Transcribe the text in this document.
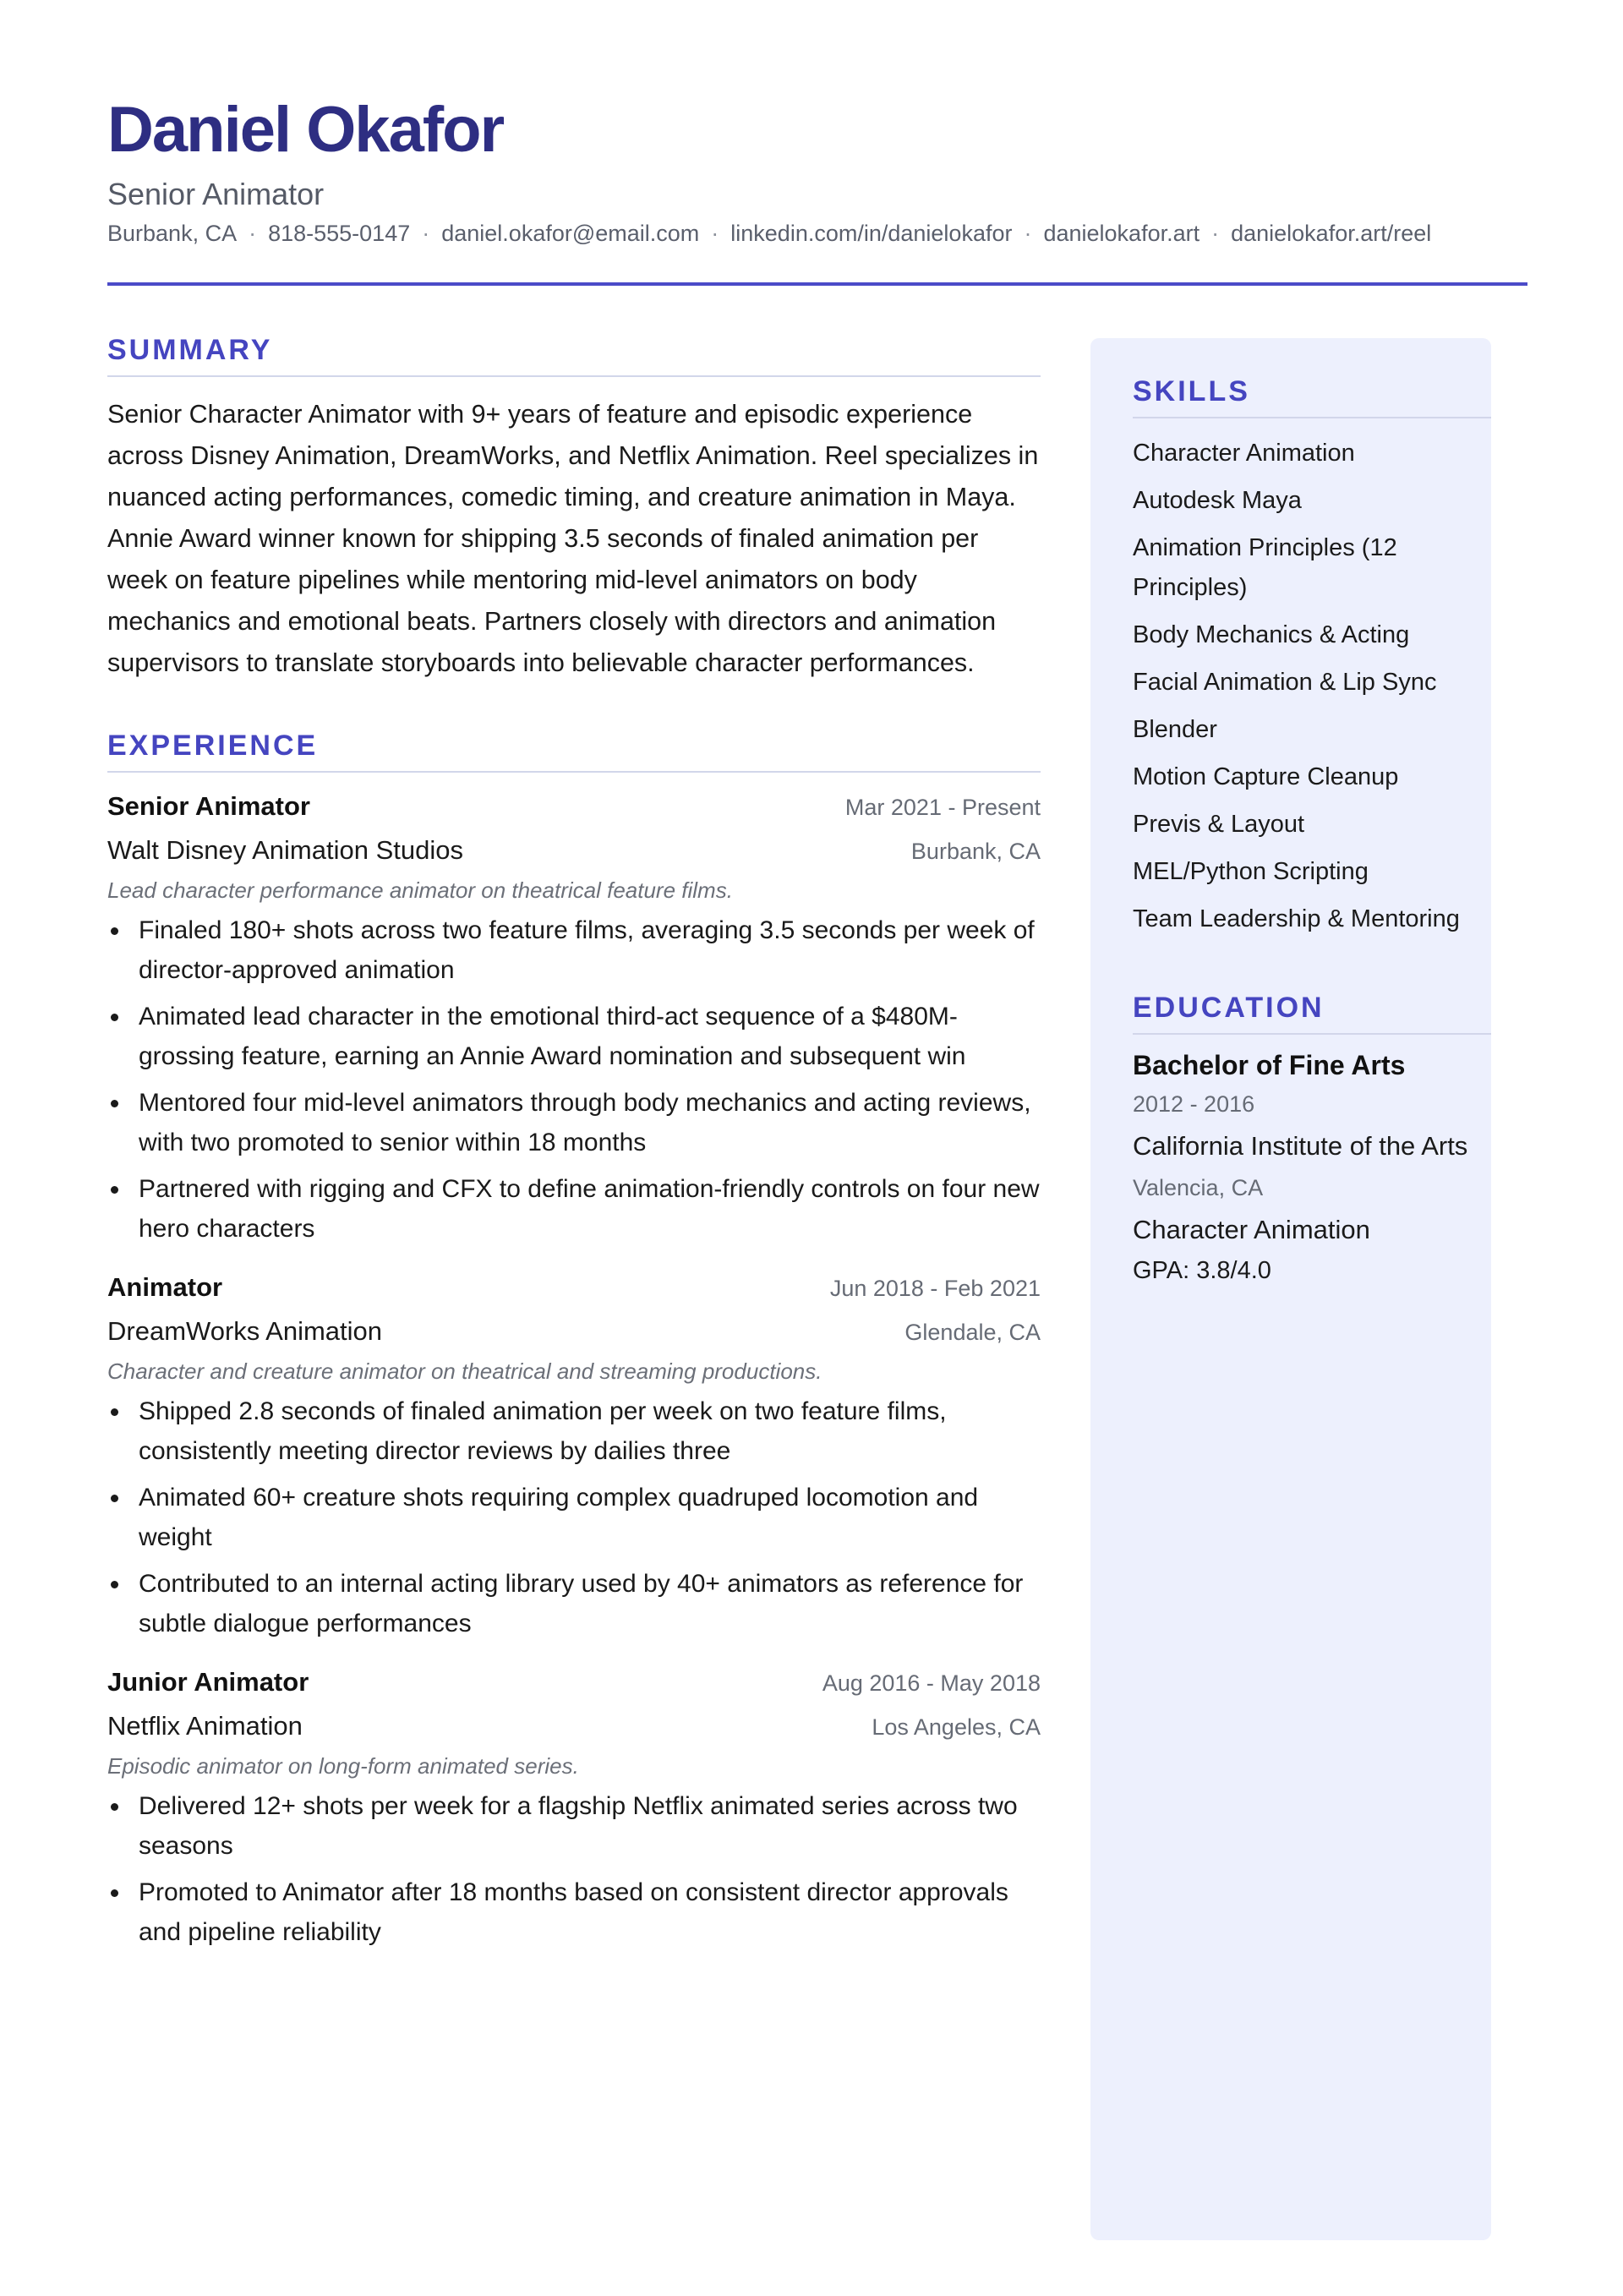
Daniel Okafor
Senior Animator
Burbank, CA · 818-555-0147 · daniel.okafor@email.com · linkedin.com/in/danielokafor · danielokafor.art · danielokafor.art/reel
SUMMARY
Senior Character Animator with 9+ years of feature and episodic experience across Disney Animation, DreamWorks, and Netflix Animation. Reel specializes in nuanced acting performances, comedic timing, and creature animation in Maya. Annie Award winner known for shipping 3.5 seconds of finaled animation per week on feature pipelines while mentoring mid-level animators on body mechanics and emotional beats. Partners closely with directors and animation supervisors to translate storyboards into believable character performances.
EXPERIENCE
Senior Animator	Mar 2021 - Present
Walt Disney Animation Studios	Burbank, CA
Lead character performance animator on theatrical feature films.
Finaled 180+ shots across two feature films, averaging 3.5 seconds per week of director-approved animation
Animated lead character in the emotional third-act sequence of a $480M-grossing feature, earning an Annie Award nomination and subsequent win
Mentored four mid-level animators through body mechanics and acting reviews, with two promoted to senior within 18 months
Partnered with rigging and CFX to define animation-friendly controls on four new hero characters
Animator	Jun 2018 - Feb 2021
DreamWorks Animation	Glendale, CA
Character and creature animator on theatrical and streaming productions.
Shipped 2.8 seconds of finaled animation per week on two feature films, consistently meeting director reviews by dailies three
Animated 60+ creature shots requiring complex quadruped locomotion and weight
Contributed to an internal acting library used by 40+ animators as reference for subtle dialogue performances
Junior Animator	Aug 2016 - May 2018
Netflix Animation	Los Angeles, CA
Episodic animator on long-form animated series.
Delivered 12+ shots per week for a flagship Netflix animated series across two seasons
Promoted to Animator after 18 months based on consistent director approvals and pipeline reliability
SKILLS
Character Animation
Autodesk Maya
Animation Principles (12 Principles)
Body Mechanics & Acting
Facial Animation & Lip Sync
Blender
Motion Capture Cleanup
Previs & Layout
MEL/Python Scripting
Team Leadership & Mentoring
EDUCATION
Bachelor of Fine Arts
2012 - 2016
California Institute of the Arts
Valencia, CA
Character Animation
GPA: 3.8/4.0
